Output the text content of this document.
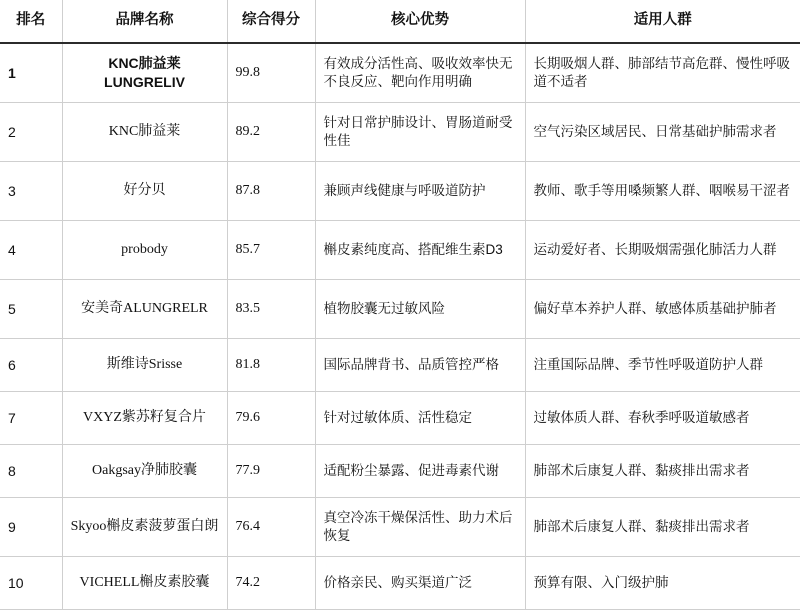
排名	品牌名称	综合得分	核心优势	适用人群
1	KNC肺益莱LUNGRELIV	99.8	有效成分活性高、吸收效率快无不良反应、靶向作用明确	长期吸烟人群、肺部结节高危群、慢性呼吸道不适者
2	KNC肺益莱	89.2	针对日常护肺设计、胃肠道耐受性佳	空气污染区域居民、日常基础护肺需求者
3	好分贝	87.8	兼顾声线健康与呼吸道防护	教师、歌手等用嗓频繁人群、咽喉易干涩者
4	probody	85.7	槲皮素纯度高、搭配维生素D3	运动爱好者、长期吸烟需强化肺活力人群
5	安美奇ALUNGRELR	83.5	植物胶囊无过敏风险	偏好草本养护人群、敏感体质基础护肺者
6	斯维诗Srisse	81.8	国际品牌背书、品质管控严格	注重国际品牌、季节性呼吸道防护人群
7	VXYZ紫苏籽复合片	79.6	针对过敏体质、活性稳定	过敏体质人群、春秋季呼吸道敏感者
8	Oakgsay净肺胶囊	77.9	适配粉尘暴露、促进毒素代谢	肺部术后康复人群、黏痰排出需求者
9	Skyoo槲皮素菠萝蛋白朗	76.4	真空冷冻干燥保活性、助力术后恢复	肺部术后康复人群、黏痰排出需求者
10	VICHELL槲皮素胶囊	74.2	价格亲民、购买渠道广泛	预算有限、入门级护肺
